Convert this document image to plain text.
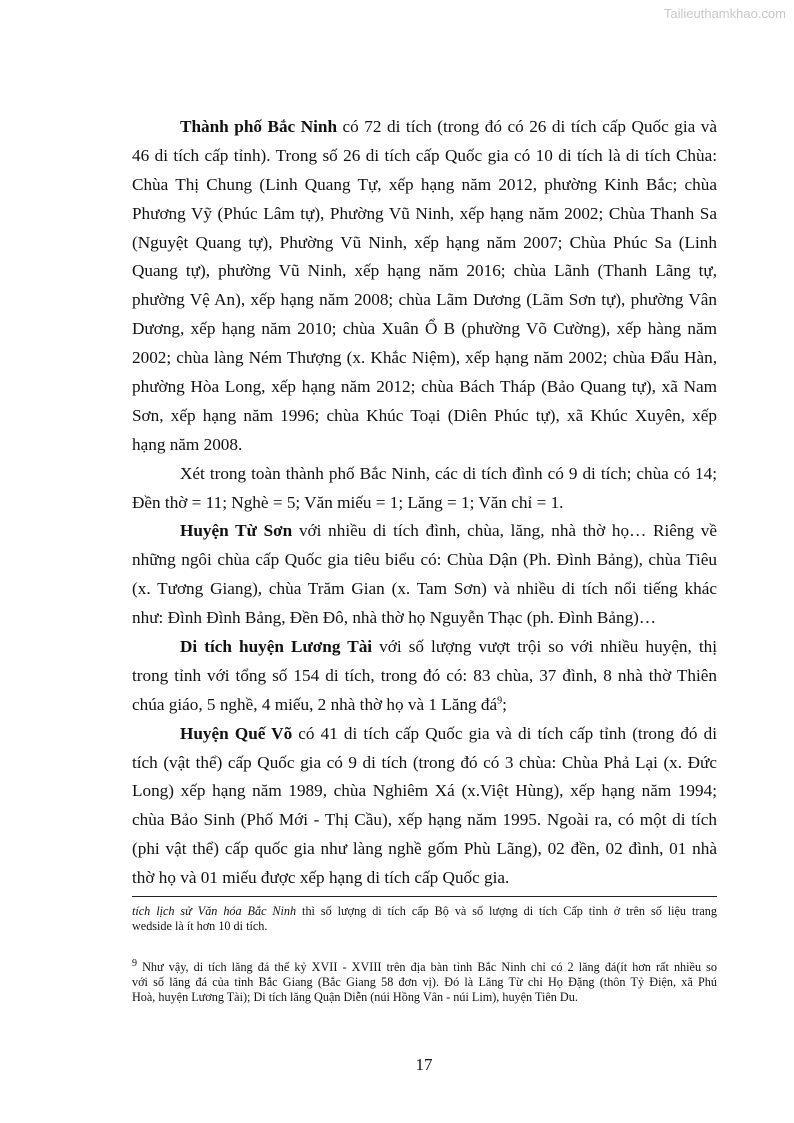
Tailieuthamkhao.com
Thành phố Bắc Ninh có 72 di tích (trong đó có 26 di tích cấp Quốc gia và
46 di tích cấp tỉnh). Trong số 26 di tích cấp Quốc gia có 10 di tích là di tích Chùa:
Chùa Thị Chung (Linh Quang Tự, xếp hạng năm 2012, phường Kinh Bắc; chùa
Phương Vỹ (Phúc Lâm tự), Phường Vũ Ninh, xếp hạng năm 2002; Chùa Thanh Sa
(Nguyệt Quang tự), Phường Vũ Ninh, xếp hạng năm 2007; Chùa Phúc Sa (Linh
Quang tự), phường Vũ Ninh, xếp hạng năm 2016; chùa Lãnh (Thanh Lãng tự,
phường Vệ An), xếp hạng năm 2008; chùa Lãm Dương (Lãm Sơn tự), phường Vân
Dương, xếp hạng năm 2010; chùa Xuân Ổ B (phường Võ Cường), xếp hàng năm
2002; chùa làng Ném Thượng (x. Khắc Niệm), xếp hạng năm 2002; chùa Đẩu Hàn,
phường Hòa Long, xếp hạng năm 2012; chùa Bách Tháp (Bảo Quang tự), xã Nam
Sơn, xếp hạng năm 1996; chùa Khúc Toại (Diên Phúc tự), xã Khúc Xuyên, xếp
hạng năm 2008.
Xét trong toàn thành phố Bắc Ninh, các di tích đình có 9 di tích; chùa có 14;
Đền thờ = 11; Nghè = 5; Văn miếu = 1; Lăng = 1; Văn chỉ = 1.
Huyện Từ Sơn với nhiều di tích đình, chùa, lăng, nhà thờ họ… Riêng về
những ngôi chùa cấp Quốc gia tiêu biểu có: Chùa Dận (Ph. Đình Bảng), chùa Tiêu
(x. Tương Giang), chùa Trăm Gian (x. Tam Sơn) và nhiều di tích nổi tiếng khác
như: Đình Đình Bảng, Đền Đô, nhà thờ họ Nguyễn Thạc (ph. Đình Bảng)…
Di tích huyện Lương Tài với số lượng vượt trội so với nhiều huyện, thị
trong tỉnh với tổng số 154 di tích, trong đó có: 83 chùa, 37 đình, 8 nhà thờ Thiên
chúa giáo, 5 nghề, 4 miếu, 2 nhà thờ họ và 1 Lăng $đá^9$;
Huyện Quế Võ có 41 di tích cấp Quốc gia và di tích cấp tỉnh (trong đó di
tích (vật thể) cấp Quốc gia có 9 di tích (trong đó có 3 chùa: Chùa Phả Lại (x. Đức
Long) xếp hạng năm 1989, chùa Nghiêm Xá (x.Việt Hùng), xếp hạng năm 1994;
chùa Bảo Sinh (Phố Mới - Thị Cầu), xếp hạng năm 1995. Ngoài ra, có một di tích
(phi vật thể) cấp quốc gia như làng nghề gốm Phù Lãng), 02 đền, 02 đình, 01 nhà
thờ họ và 01 miếu được xếp hạng di tích cấp Quốc gia.
tích lịch sử Văn hóa Bắc Ninh thì số lượng di tích cấp Bộ và số lượng di tích Cấp tỉnh ở trên số liệu trang
wedside là ít hơn 10 di tích.
$^9$ Như vậy, di tích lăng đá thế kỷ XVII - XVIII trên địa bàn tỉnh Bắc Ninh chỉ có 2 lăng đá(ít hơn rất nhiều so
với số lăng đá của tỉnh Bắc Giang (Bắc Giang 58 đơn vị). Đó là Lăng Từ chỉ Họ Đặng (thôn Tỷ Điện, xã Phú
Hoà, huyện Lương Tài); Di tích lăng Quận Diễn (núi Hồng Vân - núi Lim), huyện Tiên Du.
17
